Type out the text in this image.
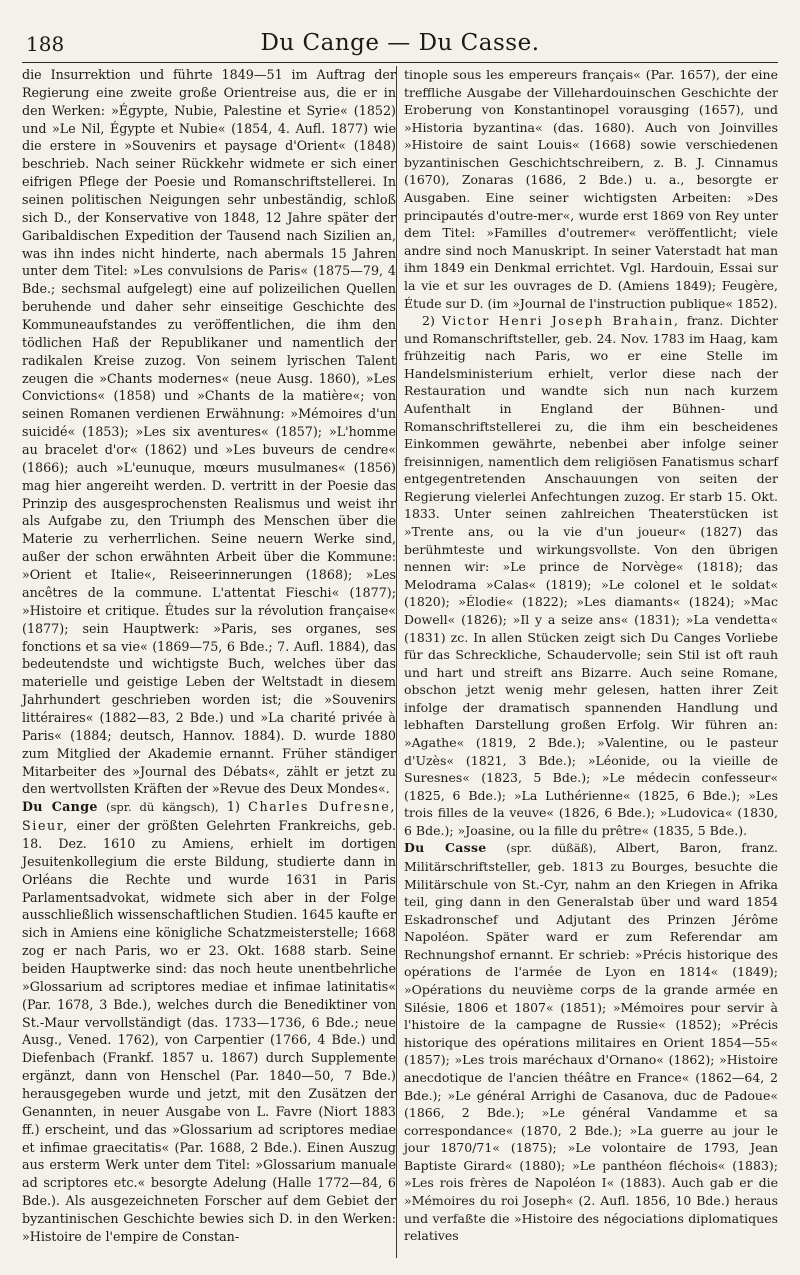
188	Du Cange — Du Casse.

die Insurrektion und führte 1849—51 im Auftrag der Regierung eine zweite große Orientreise aus, die er in den Werken: »Égypte, Nubie, Palestine et Syrie« (1852) und »Le Nil, Égypte et Nubie« (1854, 4. Aufl. 1877) wie die erstere in »Souvenirs et paysage d'Orient« (1848) beschrieb. Nach seiner Rückkehr widmete er sich einer eifrigen Pflege der Poesie und Romanschriftstellerei. In seinen politischen Neigungen sehr unbeständig, schloß sich D., der Konservative von 1848, 12 Jahre später der Garibaldischen Expedition der Tausend nach Sizilien an, was ihn indes nicht hinderte, nach abermals 15 Jahren unter dem Titel: »Les convulsions de Paris« (1875—79, 4 Bde.; sechsmal aufgelegt) eine auf polizeilichen Quellen beruhende und daher sehr einseitige Geschichte des Kommuneaufstandes zu veröffentlichen, die ihm den tödlichen Haß der Republikaner und namentlich der radikalen Kreise zuzog. Von seinem lyrischen Talent zeugen die »Chants modernes« (neue Ausg. 1860), »Les Convictions« (1858) und »Chants de la matière«; von seinen Romanen verdienen Erwähnung: »Mémoires d'un suicidé« (1853); »Les six aventures« (1857); »L'homme au bracelet d'or« (1862) und »Les buveurs de cendre« (1866); auch »L'eunuque, mœurs musulmanes« (1856) mag hier angereiht werden. D. vertritt in der Poesie das Prinzip des ausgesprochensten Realismus und weist ihr als Aufgabe zu, den Triumph des Menschen über die Materie zu verherrlichen. Seine neuern Werke sind, außer der schon erwähnten Arbeit über die Kommune: »Orient et Italie«, Reiseerinnerungen (1868); »Les ancêtres de la commune. L'attentat Fieschi« (1877); »Histoire et critique. Études sur la révolution française« (1877); sein Hauptwerk: »Paris, ses organes, ses fonctions et sa vie« (1869—75, 6 Bde.; 7. Aufl. 1884), das bedeutendste und wichtigste Buch, welches über das materielle und geistige Leben der Weltstadt in diesem Jahrhundert geschrieben worden ist; die »Souvenirs littéraires« (1882—83, 2 Bde.) und »La charité privée à Paris« (1884; deutsch, Hannov. 1884). D. wurde 1880 zum Mitglied der Akademie ernannt. Früher ständiger Mitarbeiter des »Journal des Débats«, zählt er jetzt zu den wertvollsten Kräften der »Revue des Deux Mondes«.

Du Cange (spr. dü kängsch), 1) Charles Dufresne, Sieur, einer der größten Gelehrten Frankreichs, geb. 18. Dez. 1610 zu Amiens, erhielt im dortigen Jesuitenkollegium die erste Bildung, studierte dann in Orléans die Rechte und wurde 1631 in Paris Parlamentsadvokat, widmete sich aber in der Folge ausschließlich wissenschaftlichen Studien. 1645 kaufte er sich in Amiens eine königliche Schatzmeisterstelle; 1668 zog er nach Paris, wo er 23. Okt. 1688 starb. Seine beiden Hauptwerke sind: das noch heute unentbehrliche »Glossarium ad scriptores mediae et infimae latinitatis« (Par. 1678, 3 Bde.), welches durch die Benediktiner von St.-Maur vervollständigt (das. 1733—1736, 6 Bde.; neue Ausg., Vened. 1762), von Carpentier (1766, 4 Bde.) und Diefenbach (Frankf. 1857 u. 1867) durch Supplemente ergänzt, dann von Henschel (Par. 1840—50, 7 Bde.) herausgegeben wurde und jetzt, mit den Zusätzen der Genannten, in neuer Ausgabe von L. Favre (Niort 1883 ff.) erscheint, und das »Glossarium ad scriptores mediae et infimae graecitatis« (Par. 1688, 2 Bde.). Einen Auszug aus ersterm Werk unter dem Titel: »Glossarium manuale ad scriptores etc.« besorgte Adelung (Halle 1772—84, 6 Bde.). Als ausgezeichneten Forscher auf dem Gebiet der byzantinischen Geschichte bewies sich D. in den Werken: »Histoire de l'empire de Constan-

tinople sous les empereurs français« (Par. 1657), der eine treffliche Ausgabe der Villehardouinschen Geschichte der Eroberung von Konstantinopel vorausging (1657), und »Historia byzantina« (das. 1680). Auch von Joinvilles »Histoire de saint Louis« (1668) sowie verschiedenen byzantinischen Geschichtschreibern, z. B. J. Cinnamus (1670), Zonaras (1686, 2 Bde.) u. a., besorgte er Ausgaben. Eine seiner wichtigsten Arbeiten: »Des principautés d'outre-mer«, wurde erst 1869 von Rey unter dem Titel: »Familles d'outremer« veröffentlicht; viele andre sind noch Manuskript. In seiner Vaterstadt hat man ihm 1849 ein Denkmal errichtet. Vgl. Hardouin, Essai sur la vie et sur les ouvrages de D. (Amiens 1849); Feugère, Étude sur D. (im »Journal de l'instruction publique« 1852).

2) Victor Henri Joseph Brahain, franz. Dichter und Romanschriftsteller, geb. 24. Nov. 1783 im Haag, kam frühzeitig nach Paris, wo er eine Stelle im Handelsministerium erhielt, verlor diese nach der Restauration und wandte sich nun nach kurzem Aufenthalt in England der Bühnen- und Romanschriftstellerei zu, die ihm ein bescheidenes Einkommen gewährte, nebenbei aber infolge seiner freisinnigen, namentlich dem religiösen Fanatismus scharf entgegentretenden Anschauungen von seiten der Regierung vielerlei Anfechtungen zuzog. Er starb 15. Okt. 1833. Unter seinen zahlreichen Theaterstücken ist »Trente ans, ou la vie d'un joueur« (1827) das berühmteste und wirkungsvollste. Von den übrigen nennen wir: »Le prince de Norvège« (1818); das Melodrama »Calas« (1819); »Le colonel et le soldat« (1820); »Élodie« (1822); »Les diamants« (1824); »Mac Dowell« (1826); »Il y a seize ans« (1831); »La vendetta« (1831) zc. In allen Stücken zeigt sich Du Canges Vorliebe für das Schreckliche, Schaudervolle; sein Stil ist oft rauh und hart und streift ans Bizarre. Auch seine Romane, obschon jetzt wenig mehr gelesen, hatten ihrer Zeit infolge der dramatisch spannenden Handlung und lebhaften Darstellung großen Erfolg. Wir führen an: »Agathe« (1819, 2 Bde.); »Valentine, ou le pasteur d'Uzès« (1821, 3 Bde.); »Léonide, ou la vieille de Suresnes« (1823, 5 Bde.); »Le médecin confesseur« (1825, 6 Bde.); »La Luthérienne« (1825, 6 Bde.); »Les trois filles de la veuve« (1826, 6 Bde.); »Ludovica« (1830, 6 Bde.); »Joasine, ou la fille du prêtre« (1835, 5 Bde.).

Du Casse (spr. düßäß), Albert, Baron, franz. Militärschriftsteller, geb. 1813 zu Bourges, besuchte die Militärschule von St.-Cyr, nahm an den Kriegen in Afrika teil, ging dann in den Generalstab über und ward 1854 Eskadronschef und Adjutant des Prinzen Jérôme Napoléon. Später ward er zum Referendar am Rechnungshof ernannt. Er schrieb: »Précis historique des opérations de l'armée de Lyon en 1814« (1849); »Opérations du neuvième corps de la grande armée en Silésie, 1806 et 1807« (1851); »Mémoires pour servir à l'histoire de la campagne de Russie« (1852); »Précis historique des opérations militaires en Orient 1854—55« (1857); »Les trois maréchaux d'Ornano« (1862); »Histoire anecdotique de l'ancien théâtre en France« (1862—64, 2 Bde.); »Le général Arrighi de Casanova, duc de Padoue« (1866, 2 Bde.); »Le général Vandamme et sa correspondance« (1870, 2 Bde.); »La guerre au jour le jour 1870/71« (1875); »Le volontaire de 1793, Jean Baptiste Girard« (1880); »Le panthéon fléchois« (1883); »Les rois frères de Napoléon I« (1883). Auch gab er die »Mémoires du roi Joseph« (2. Aufl. 1856, 10 Bde.) heraus und verfaßte die »Histoire des négociations diplomatiques relatives
